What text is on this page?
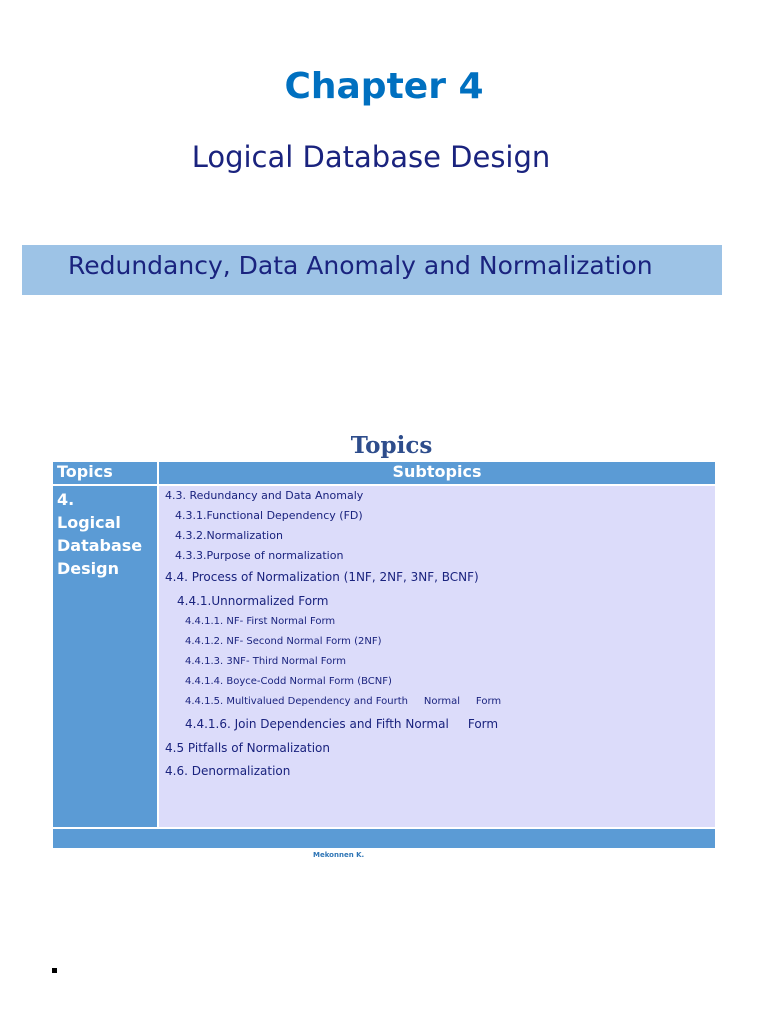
Chapter 4
Logical Database Design
Redundancy, Data Anomaly and Normalization
Topics
Topics	Subtopics
4.
Logical
Database
Design
4.3. Redundancy and Data Anomaly
4.3.1.Functional Dependency (FD)
4.3.2.Normalization
4.3.3.Purpose of normalization
4.4. Process of Normalization (1NF, 2NF, 3NF, BCNF)
4.4.1.Unnormalized Form
4.4.1.1. NF- First Normal Form
4.4.1.2. NF- Second Normal Form (2NF)
4.4.1.3. 3NF- Third Normal Form
4.4.1.4. Boyce-Codd Normal Form (BCNF)
4.4.1.5. Multivalued Dependency and Fourth     Normal     Form
4.4.1.6. Join Dependencies and Fifth Normal     Form
4.5 Pitfalls of Normalization
4.6. Denormalization
Mekonnen K.
